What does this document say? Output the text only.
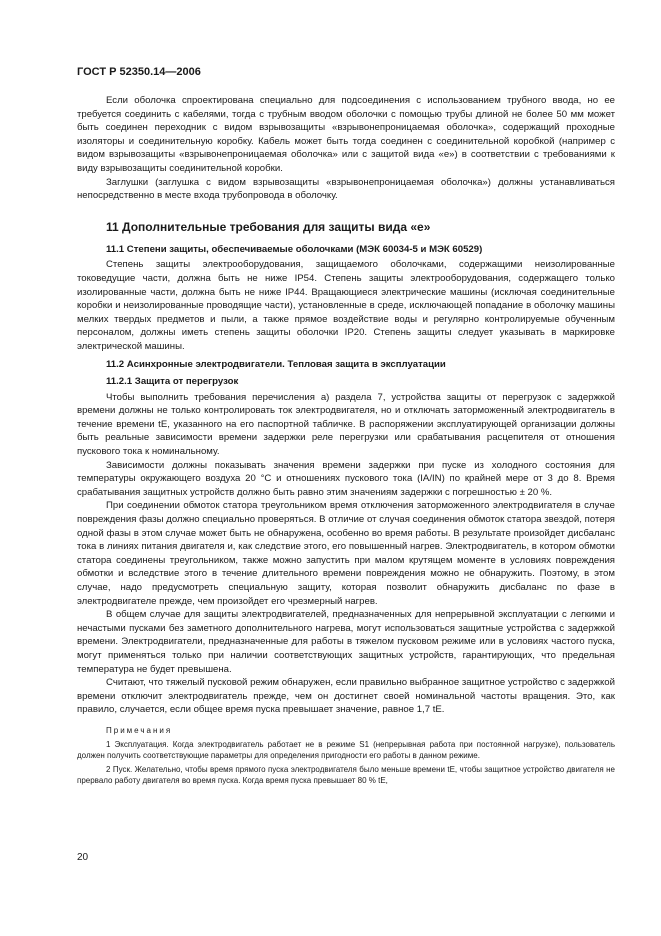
ГОСТ Р 52350.14—2006

Если оболочка спроектирована специально для подсоединения с использованием трубного ввода, но ее требуется соединить с кабелями, тогда с трубным вводом оболочки с помощью трубы длиной не более 50 мм может быть соединен переходник с видом взрывозащиты «взрывонепроницаемая оболочка», содержащий проходные изоляторы и соединительную коробку. Кабель может быть тогда соединен с соединительной коробкой (например с видом взрывозащиты «взрывонепроницаемая оболочка» или с защитой вида «е») в соответствии с требованиями к виду взрывозащиты соединительной коробки.

Заглушки (заглушка с видом взрывозащиты «взрывонепроницаемая оболочка») должны устанавливаться непосредственно в месте входа трубопровода в оболочку.

11 Дополнительные требования для защиты вида «е»
11.1 Степени защиты, обеспечиваемые оболочками (МЭК 60034-5 и МЭК 60529)

Степень защиты электрооборудования, защищаемого оболочками, содержащими неизолированные токоведущие части, должна быть не ниже IP54. Степень защиты электрооборудования, содержащего только изолированные части, должна быть не ниже IP44. Вращающиеся электрические машины (исключая соединительные коробки и неизолированные проводящие части), установленные в среде, исключающей попадание в оболочку машины мелких твердых предметов и пыли, а также прямое воздействие воды и регулярно контролируемые обученным персоналом, должны иметь степень защиты оболочки IP20. Степень защиты следует указывать в маркировке электрической машины.

11.2 Асинхронные электродвигатели. Тепловая защита в эксплуатации
11.2.1 Защита от перегрузок

Чтобы выполнить требования перечисления а) раздела 7, устройства защиты от перегрузок с задержкой времени должны не только контролировать ток электродвигателя, но и отключать заторможенный электродвигатель в течение времени tE, указанного на его паспортной табличке. В распоряжении эксплуатирующей организации должны быть реальные зависимости времени задержки реле перегрузки или срабатывания расцепителя от отношения пускового тока к номинальному.

Зависимости должны показывать значения времени задержки при пуске из холодного состояния для температуры окружающего воздуха 20 °C и отношениях пускового тока (IA/IN) по крайней мере от 3 до 8. Время срабатывания защитных устройств должно быть равно этим значениям задержки с погрешностью ± 20 %.

При соединении обмоток статора треугольником время отключения заторможенного электродвигателя в случае повреждения фазы должно специально проверяться. В отличие от случая соединения обмоток статора звездой, потеря одной фазы в этом случае может быть не обнаружена, особенно во время работы. В результате произойдет дисбаланс тока в линиях питания двигателя и, как следствие этого, его повышенный нагрев. Электродвигатель, в котором обмотки статора соединены треугольником, также можно запустить при малом крутящем моменте в условиях повреждения обмотки и вследствие этого в течение длительного времени повреждения можно не обнаружить. Поэтому, в этом случае, надо предусмотреть специальную защиту, которая позволит обнаружить дисбаланс по фазе в электродвигателе прежде, чем произойдет его чрезмерный нагрев.

В общем случае для защиты электродвигателей, предназначенных для непрерывной эксплуатации с легкими и нечастыми пусками без заметного дополнительного нагрева, могут использоваться защитные устройства с задержкой времени. Электродвигатели, предназначенные для работы в тяжелом пусковом режиме или в условиях частого пуска, могут применяться только при наличии соответствующих защитных устройств, гарантирующих, что предельная температура не будет превышена.

Считают, что тяжелый пусковой режим обнаружен, если правильно выбранное защитное устройство с задержкой времени отключит электродвигатель прежде, чем он достигнет своей номинальной частоты вращения. Это, как правило, случается, если общее время пуска превышает значение, равное 1,7 tE.

Примечания

1 Эксплуатация. Когда электродвигатель работает не в режиме S1 (непрерывная работа при постоянной нагрузке), пользователь должен получить соответствующие параметры для определения пригодности его работы в данном режиме.

2 Пуск. Желательно, чтобы время прямого пуска электродвигателя было меньше времени tE, чтобы защитное устройство двигателя не прервало работу двигателя во время пуска. Когда время пуска превышает 80 % tE,

20
